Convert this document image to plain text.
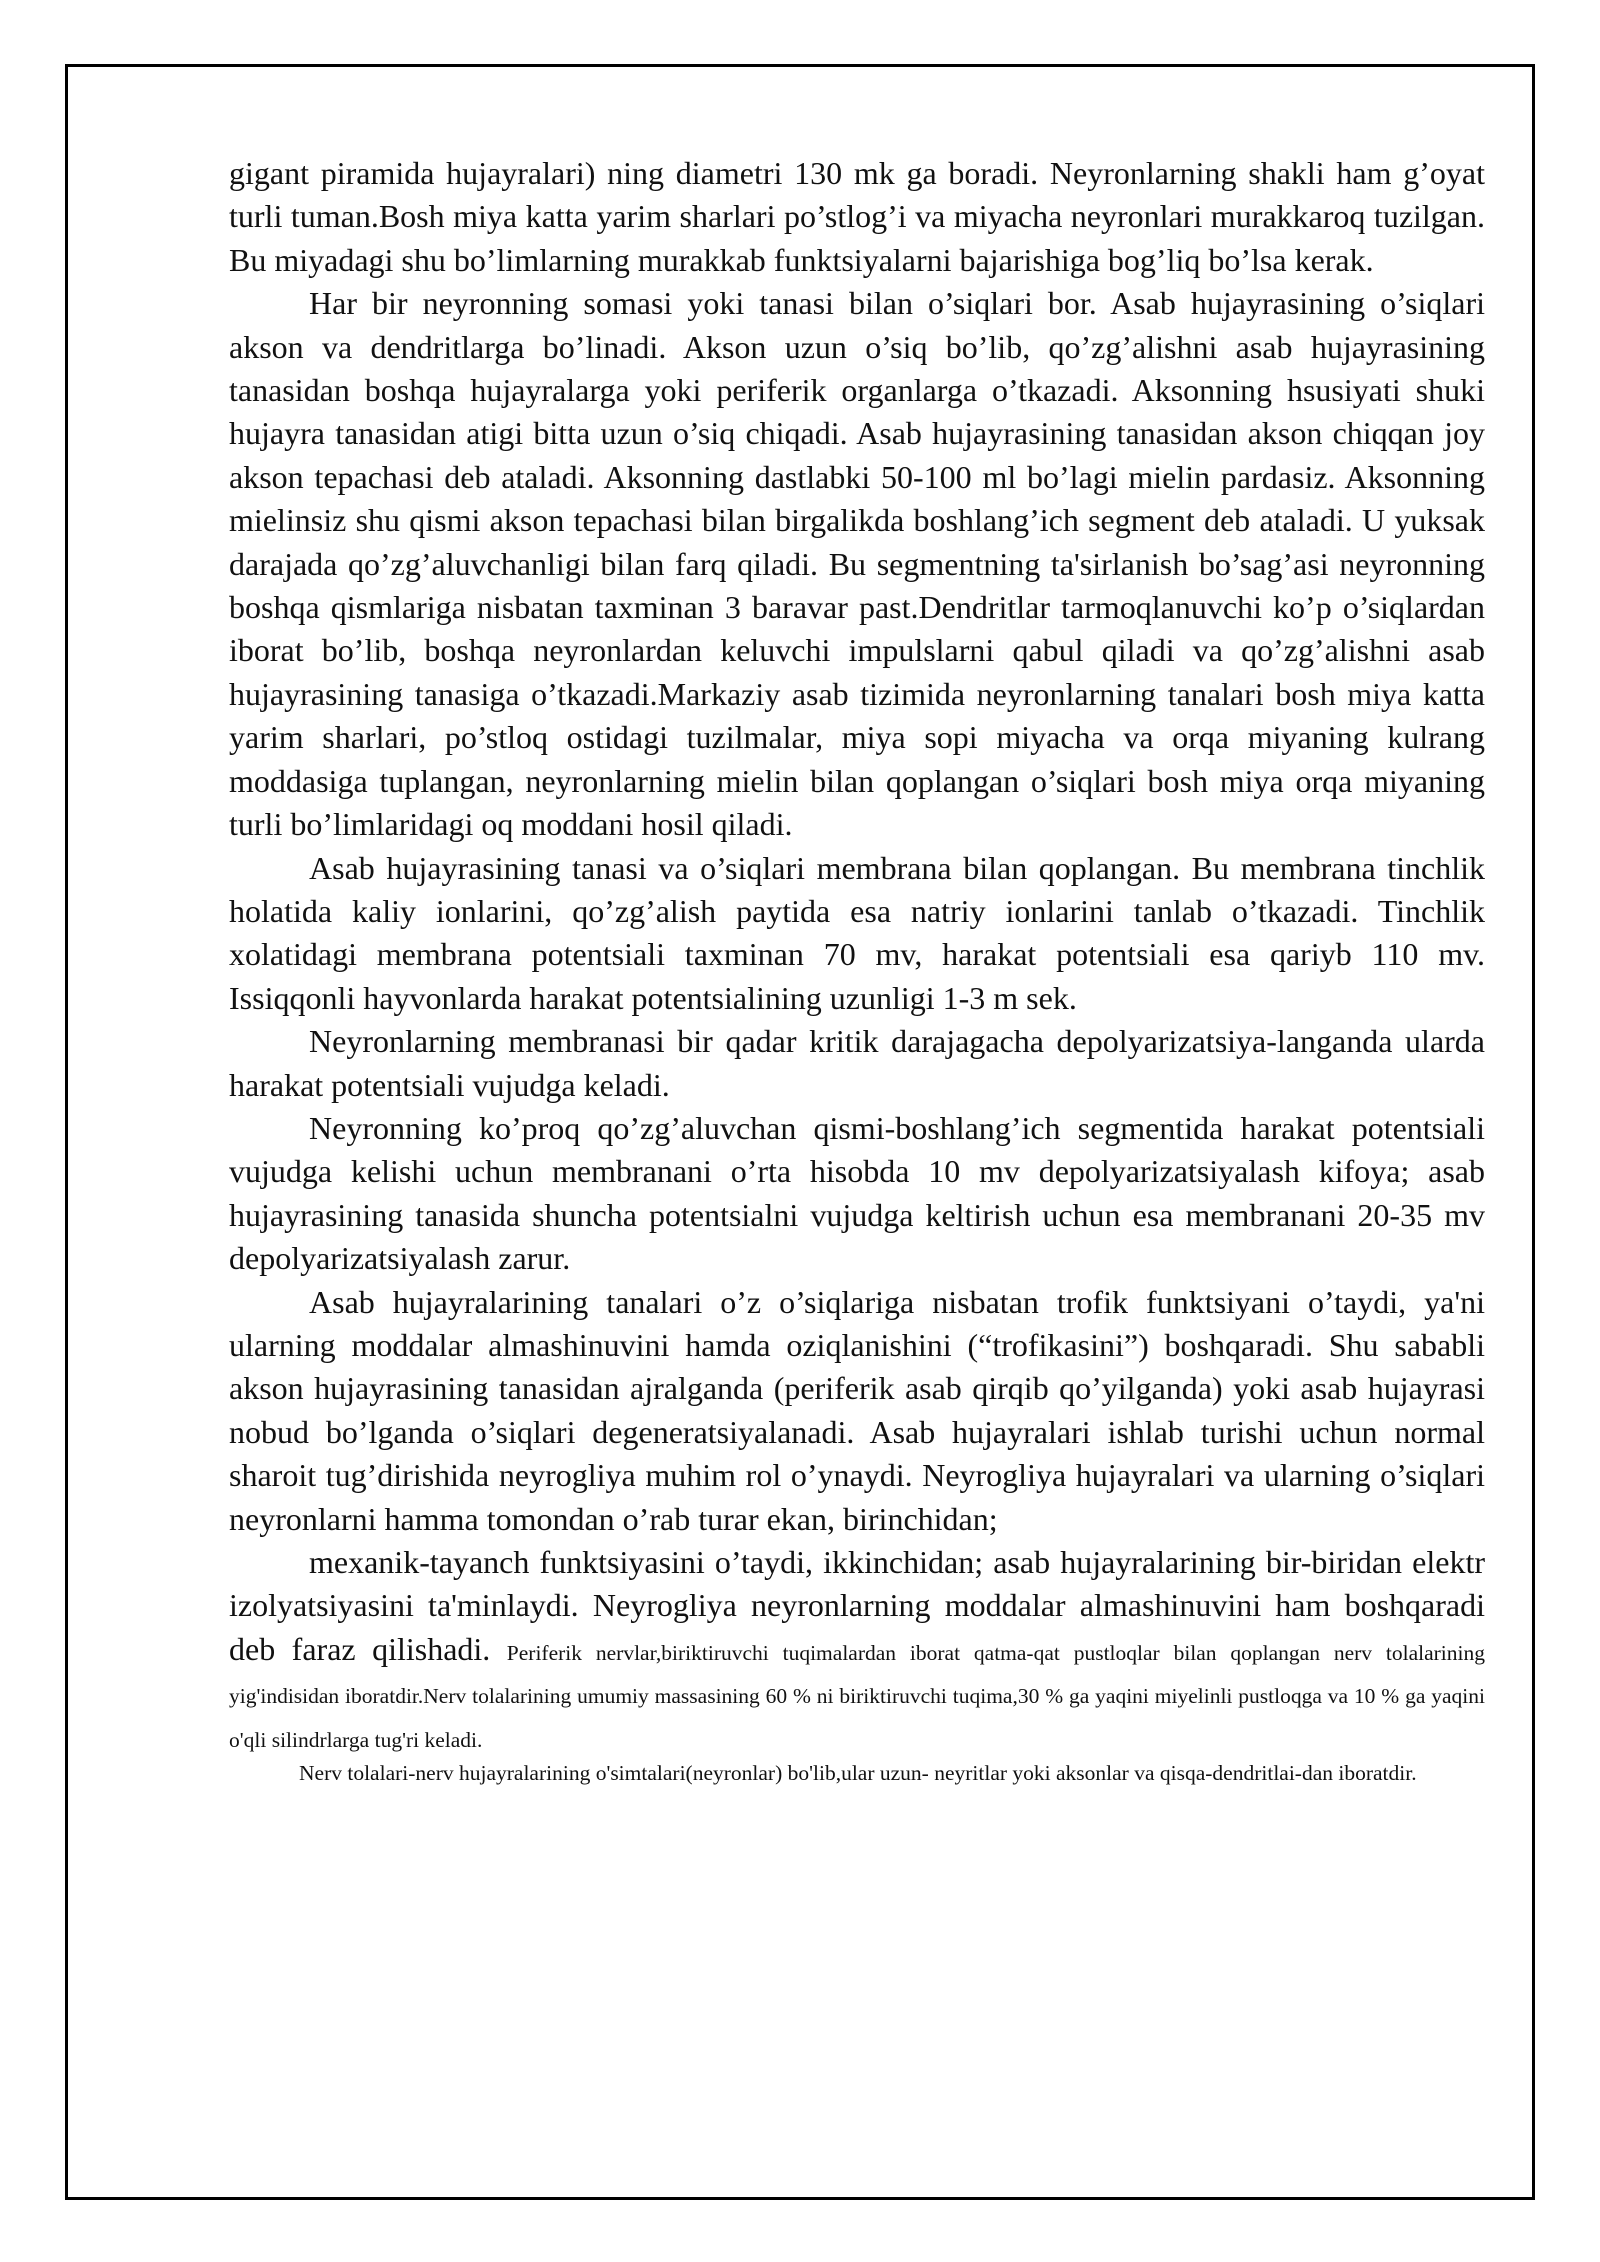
gigant piramida hujayralari) ning diametri 130 mk ga boradi. Neyronlarning shakli ham g’oyat turli tuman.Bosh miya katta yarim sharlari po’stlog’i va miyacha neyronlari murakkaroq tuzilgan. Bu miyadagi shu bo’limlarning murakkab funktsiyalarni bajarishiga bog’liq bo’lsa kerak.

Har bir neyronning somasi yoki tanasi bilan o’siqlari bor. Asab hujayrasining o’siqlari akson va dendritlarga bo’linadi. Akson uzun o’siq bo’lib, qo’zg’alishni asab hujayrasining tanasidan boshqa hujayralarga yoki periferik organlarga o’tkazadi. Aksonning hsusiyati shuki hujayra tanasidan atigi bitta uzun o’siq chiqadi. Asab hujayrasining tanasidan akson chiqqan joy akson tepachasi deb ataladi. Aksonning dastlabki 50-100 ml bo’lagi mielin pardasiz. Aksonning mielinsiz shu qismi akson tepachasi bilan birgalikda boshlang’ich segment deb ataladi. U yuksak darajada qo’zg’aluvchanligi bilan farq qiladi. Bu segmentning ta'sirlanish bo’sag’asi neyronning boshqa qismlariga nisbatan taxminan 3 baravar past.Dendritlar tarmoqlanuvchi ko’p o’siqlardan iborat bo’lib, boshqa neyronlardan keluvchi impulslarni qabul qiladi va qo’zg’alishni asab hujayrasining tanasiga o’tkazadi.Markaziy asab tizimida neyronlarning tanalari bosh miya katta yarim sharlari, po’stloq ostidagi tuzilmalar, miya sopi miyacha va orqa miyaning kulrang moddasiga tuplangan, neyronlarning mielin bilan qoplangan o’siqlari bosh miya orqa miyaning turli bo’limlaridagi oq moddani hosil qiladi.

Asab hujayrasining tanasi va o’siqlari membrana bilan qoplangan. Bu membrana tinchlik holatida kaliy ionlarini, qo’zg’alish paytida esa natriy ionlarini tanlab o’tkazadi. Tinchlik xolatidagi membrana potentsiali taxminan 70 mv, harakat potentsiali esa qariyb 110 mv. Issiqqonli hayvonlarda harakat potentsialining uzunligi 1-3 m sek.

Neyronlarning membranasi bir qadar kritik darajagacha depolyarizatsiya-langanda ularda harakat potentsiali vujudga keladi.

Neyronning ko’proq qo’zg’aluvchan qismi-boshlang’ich segmentida harakat potentsiali vujudga kelishi uchun membranani o’rta hisobda 10 mv depolyarizatsiyalash kifoya; asab hujayrasining tanasida shuncha potentsialni vujudga keltirish uchun esa membranani 20-35 mv depolyarizatsiyalash zarur.

Asab hujayralarining tanalari o’z o’siqlariga nisbatan trofik funktsiyani o’taydi, ya'ni ularning moddalar almashinuvini hamda oziqlanishini (“trofikasini”) boshqaradi. Shu sababli akson hujayrasining tanasidan ajralganda (periferik asab qirqib qo’yilganda) yoki asab hujayrasi nobud bo’lganda o’siqlari degeneratsiyalanadi. Asab hujayralari ishlab turishi uchun normal sharoit tug’dirishida neyrogliya muhim rol o’ynaydi. Neyrogliya hujayralari va ularning o’siqlari neyronlarni hamma tomondan o’rab turar ekan, birinchidan;

mexanik-tayanch funktsiyasini o’taydi, ikkinchidan; asab hujayralarining bir-biridan elektr izolyatsiyasini ta'minlaydi. Neyrogliya neyronlarning moddalar almashinuvini ham boshqaradi deb faraz qilishadi. Periferik nervlar,biriktiruvchi tuqimalardan iborat qatma-qat pustloqlar bilan qoplangan nerv tolalarining yig'indisidan iboratdir.Nerv tolalarining umumiy massasining 60 % ni biriktiruvchi tuqima,30 % ga yaqini miyelinli pustloqga va 10 % ga yaqini o'qli silindrlarga tug'ri keladi.

Nerv tolalari-nerv hujayralarining o'simtalari(neyronlar) bo'lib,ular uzun- neyritlar yoki aksonlar va qisqa-dendritlai-dan iboratdir.
